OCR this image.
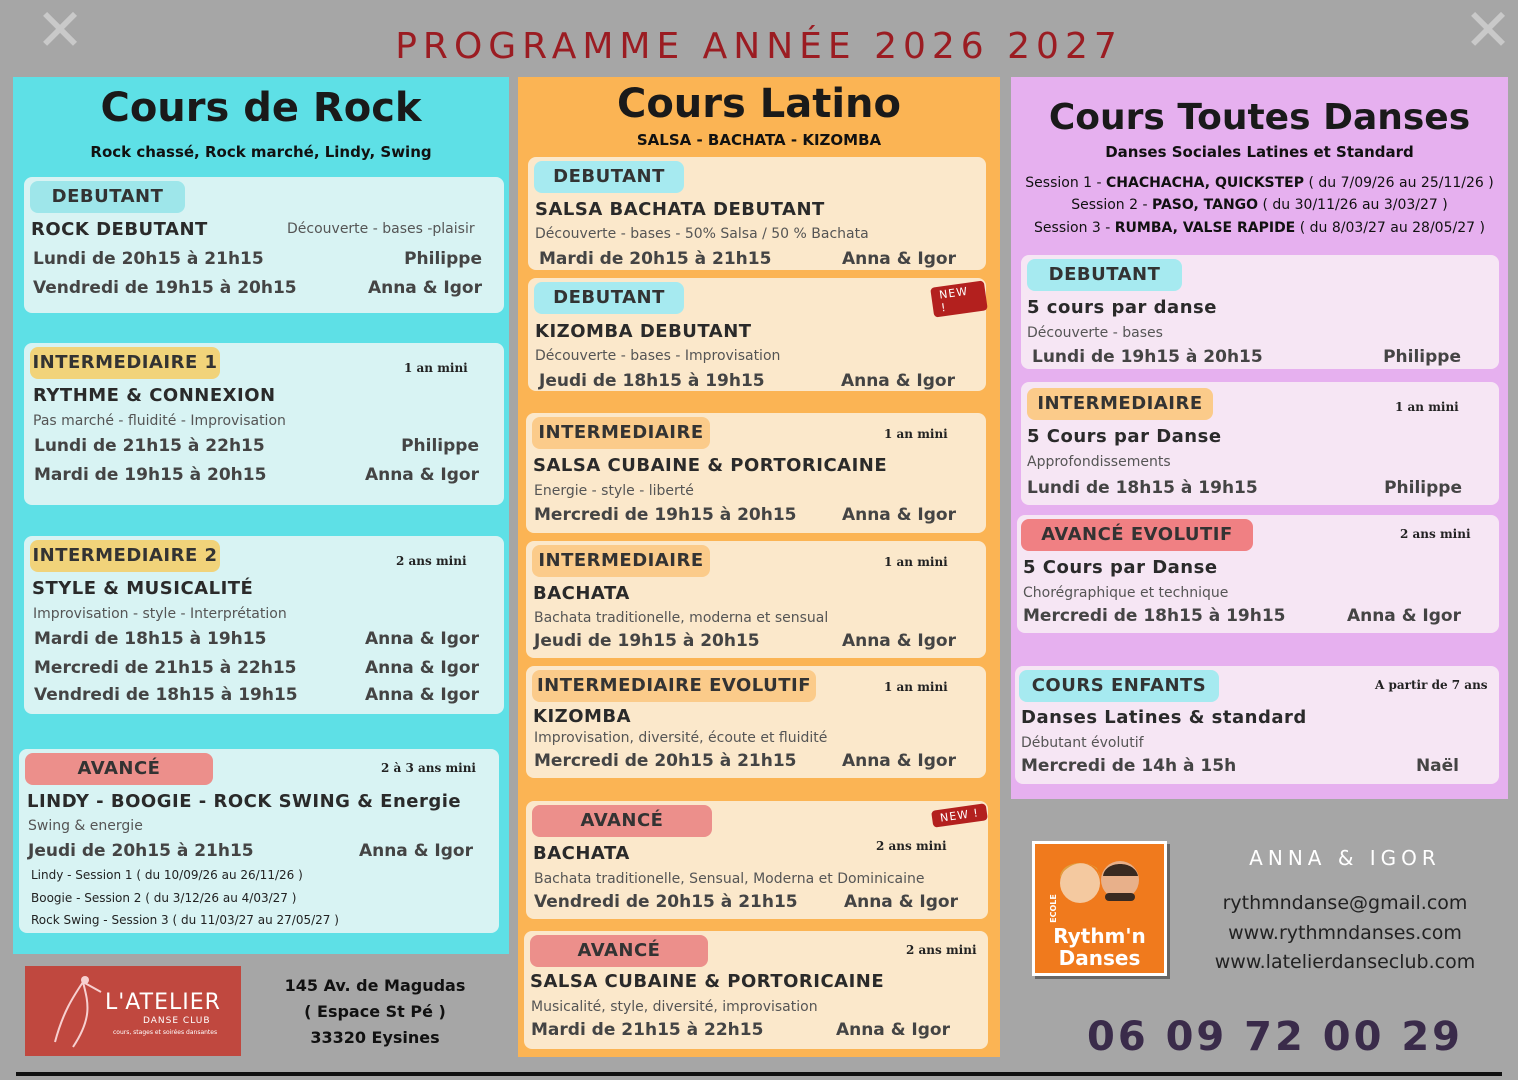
✕	✕
PROGRAMME ANNÉE 2026 2027
Cours de Rock
Rock chassé, Rock marché, Lindy, Swing
DEBUTANT
ROCK DEBUTANT	Découverte - bases -plaisir
Lundi de 20h15 à 21h15	Philippe
Vendredi de 19h15 à 20h15	Anna & Igor
INTERMEDIAIRE 1	1 an mini
RYTHME & CONNEXION
Pas marché - fluidité - Improvisation
Lundi de 21h15 à 22h15	Philippe
Mardi de 19h15 à 20h15	Anna & Igor
INTERMEDIAIRE 2	2 ans mini
STYLE & MUSICALITÉ
Improvisation - style - Interprétation
Mardi de 18h15 à 19h15	Anna & Igor
Mercredi de 21h15 à 22h15	Anna & Igor
Vendredi de 18h15 à 19h15	Anna & Igor
AVANCÉ	2 à 3 ans mini
LINDY - BOOGIE - ROCK SWING & Energie
Swing & energie
Jeudi de 20h15 à 21h15	Anna & Igor
Lindy - Session 1 ( du 10/09/26 au 26/11/26 )
Boogie - Session 2 ( du 3/12/26 au 4/03/27 )
Rock Swing - Session 3 ( du 11/03/27 au 27/05/27 )
Cours Latino
SALSA - BACHATA - KIZOMBA
DEBUTANT
SALSA BACHATA DEBUTANT
Découverte - bases - 50% Salsa / 50 % Bachata
Mardi de 20h15 à 21h15	Anna & Igor
DEBUTANT	NEW !
KIZOMBA DEBUTANT
Découverte - bases - Improvisation
Jeudi de 18h15 à 19h15	Anna & Igor
INTERMEDIAIRE	1 an mini
SALSA CUBAINE & PORTORICAINE
Energie - style - liberté
Mercredi de 19h15 à 20h15	Anna & Igor
INTERMEDIAIRE	1 an mini
BACHATA
Bachata traditionelle, moderna et sensual
Jeudi de 19h15 à 20h15	Anna & Igor
INTERMEDIAIRE EVOLUTIF	1 an mini
KIZOMBA
Improvisation, diversité, écoute et fluidité
Mercredi de 20h15 à 21h15	Anna & Igor
AVANCÉ	NEW !
2 ans mini
BACHATA
Bachata traditionelle, Sensual, Moderna et Dominicaine
Vendredi de 20h15 à 21h15	Anna & Igor
AVANCÉ	2 ans mini
SALSA CUBAINE & PORTORICAINE
Musicalité, style, diversité, improvisation
Mardi de 21h15 à 22h15	Anna & Igor
Cours Toutes Danses
Danses Sociales Latines et Standard
Session 1 - CHACHACHA, QUICKSTEP ( du 7/09/26 au 25/11/26 )
Session 2 - PASO, TANGO ( du 30/11/26 au 3/03/27 )
Session 3 - RUMBA, VALSE RAPIDE ( du 8/03/27 au 28/05/27 )
DEBUTANT
5 cours par danse
Découverte - bases
Lundi de 19h15 à 20h15	Philippe
INTERMEDIAIRE	1 an mini
5 Cours par Danse
Approfondissements
Lundi de 18h15 à 19h15	Philippe
AVANCÉ EVOLUTIF	2 ans mini
5 Cours par Danse
Chorégraphique et technique
Mercredi de 18h15 à 19h15	Anna & Igor
COURS ENFANTS	A partir de 7 ans
Danses Latines & standard
Débutant évolutif
Mercredi de 14h à 15h	Naël
L'ATELIER
DANSE CLUB
cours, stages et soirées dansantes
145 Av. de Magudas
( Espace St Pé )
33320 Eysines
ECOLE
Rythm'n
Danses
ANNA & IGOR
rythmndanse@gmail.com
www.rythmndanses.com
www.latelierdanseclub.com
06 09 72 00 29
